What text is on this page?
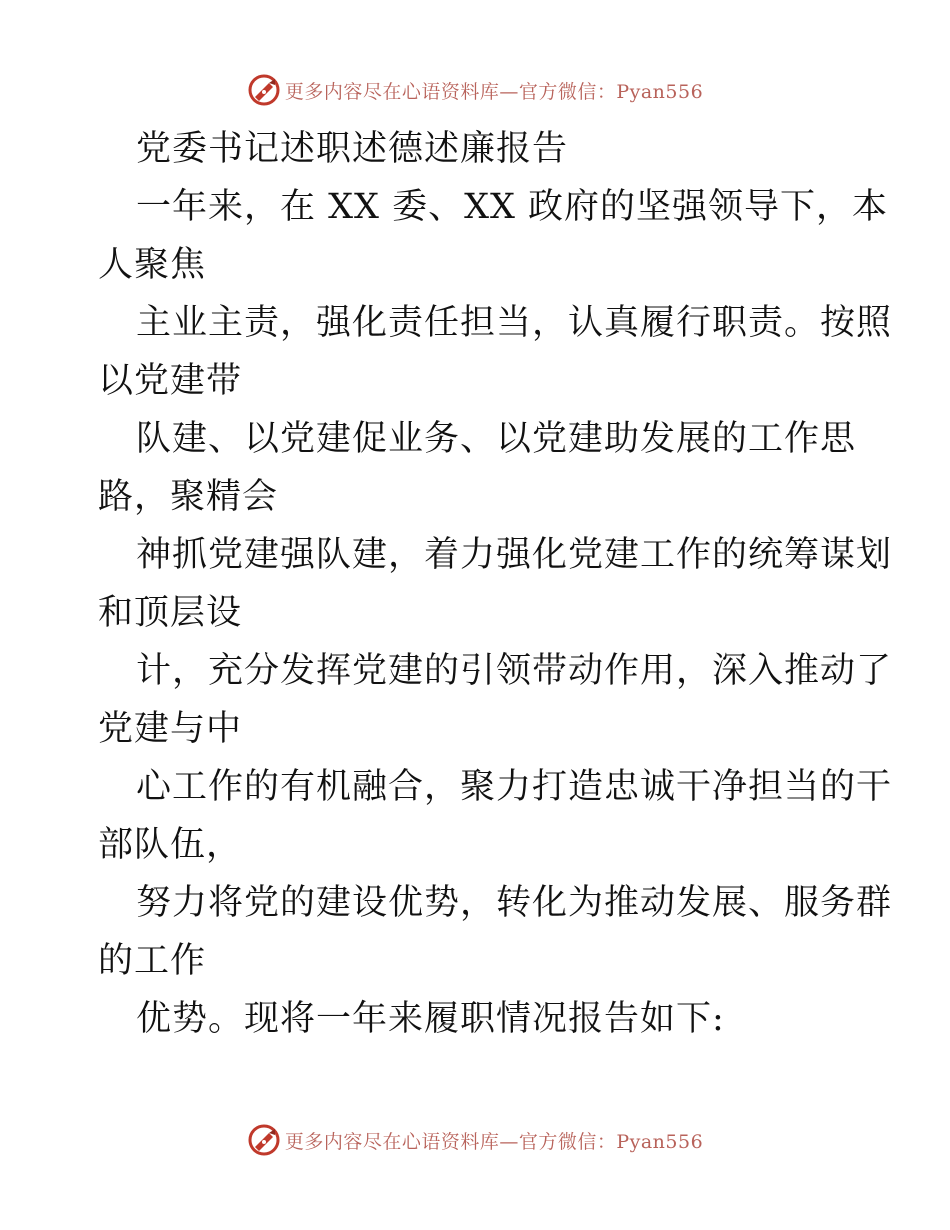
更多内容尽在心语资料库—官方微信：Pyan556
党委书记述职述德述廉报告
一年来，在 XX 委、XX 政府的坚强领导下，本
人聚焦
主业主责，强化责任担当，认真履行职责。按照
以党建带
队建、以党建促业务、以党建助发展的工作思
路，聚精会
神抓党建强队建，着力强化党建工作的统筹谋划
和顶层设
计，充分发挥党建的引领带动作用，深入推动了
党建与中
心工作的有机融合，聚力打造忠诚干净担当的干
部队伍，
努力将党的建设优势，转化为推动发展、服务群
的工作
优势。现将一年来履职情况报告如下:
更多内容尽在心语资料库—官方微信：Pyan556
